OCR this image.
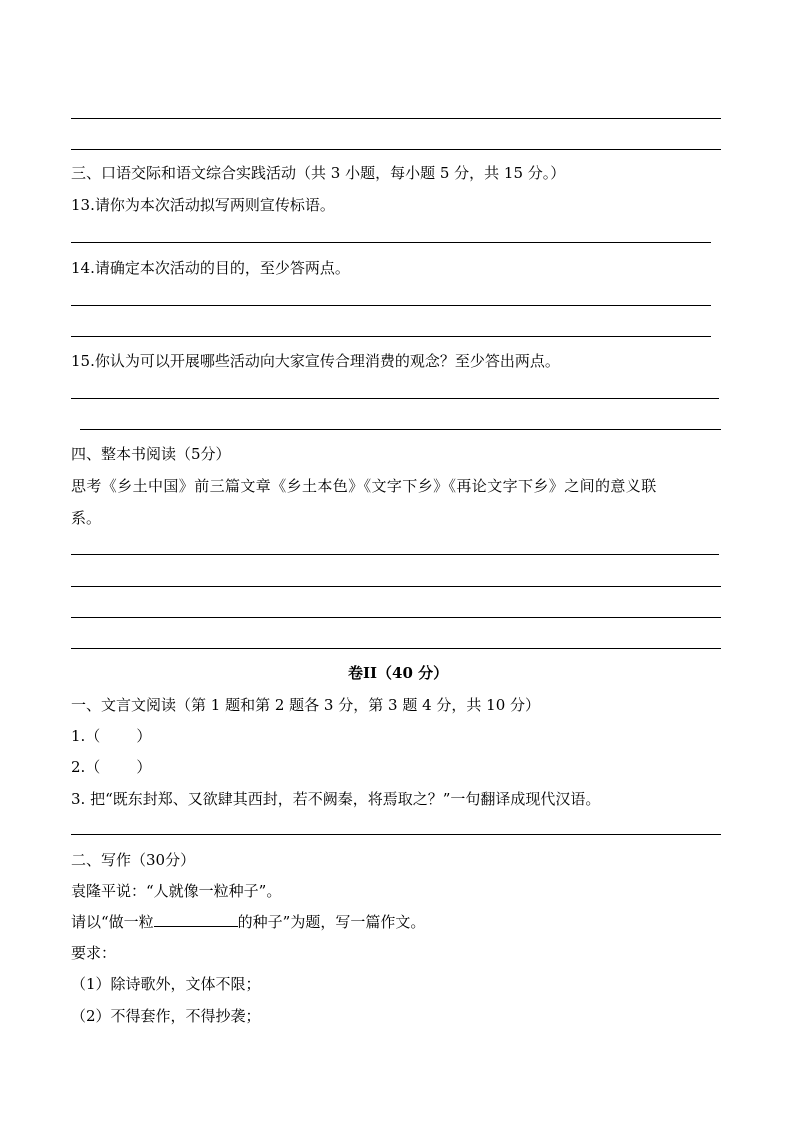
三、口语交际和语文综合实践活动（共 3 小题，每小题 5 分，共 15 分。）
13.请你为本次活动拟写两则宣传标语。
14.请确定本次活动的目的，至少答两点。
15.你认为可以开展哪些活动向大家宣传合理消费的观念？至少答出两点。
四、整本书阅读（5分）
思考《乡土中国》前三篇文章《乡土本色》《文字下乡》《再论文字下乡》之间的意义联
系。
卷II（40 分）
一、文言文阅读（第 1 题和第 2 题各 3 分，第 3 题 4 分，共 10 分）
1.（ ）
2.（ ）
3. 把“既东封郑、又欲肆其西封，若不阙秦，将焉取之？”一句翻译成现代汉语。
二、写作（30分）
袁隆平说：“人就像一粒种子”。
请以“做一粒	的种子”为题，写一篇作文。
要求：
（1）除诗歌外，文体不限；
（2）不得套作，不得抄袭；
